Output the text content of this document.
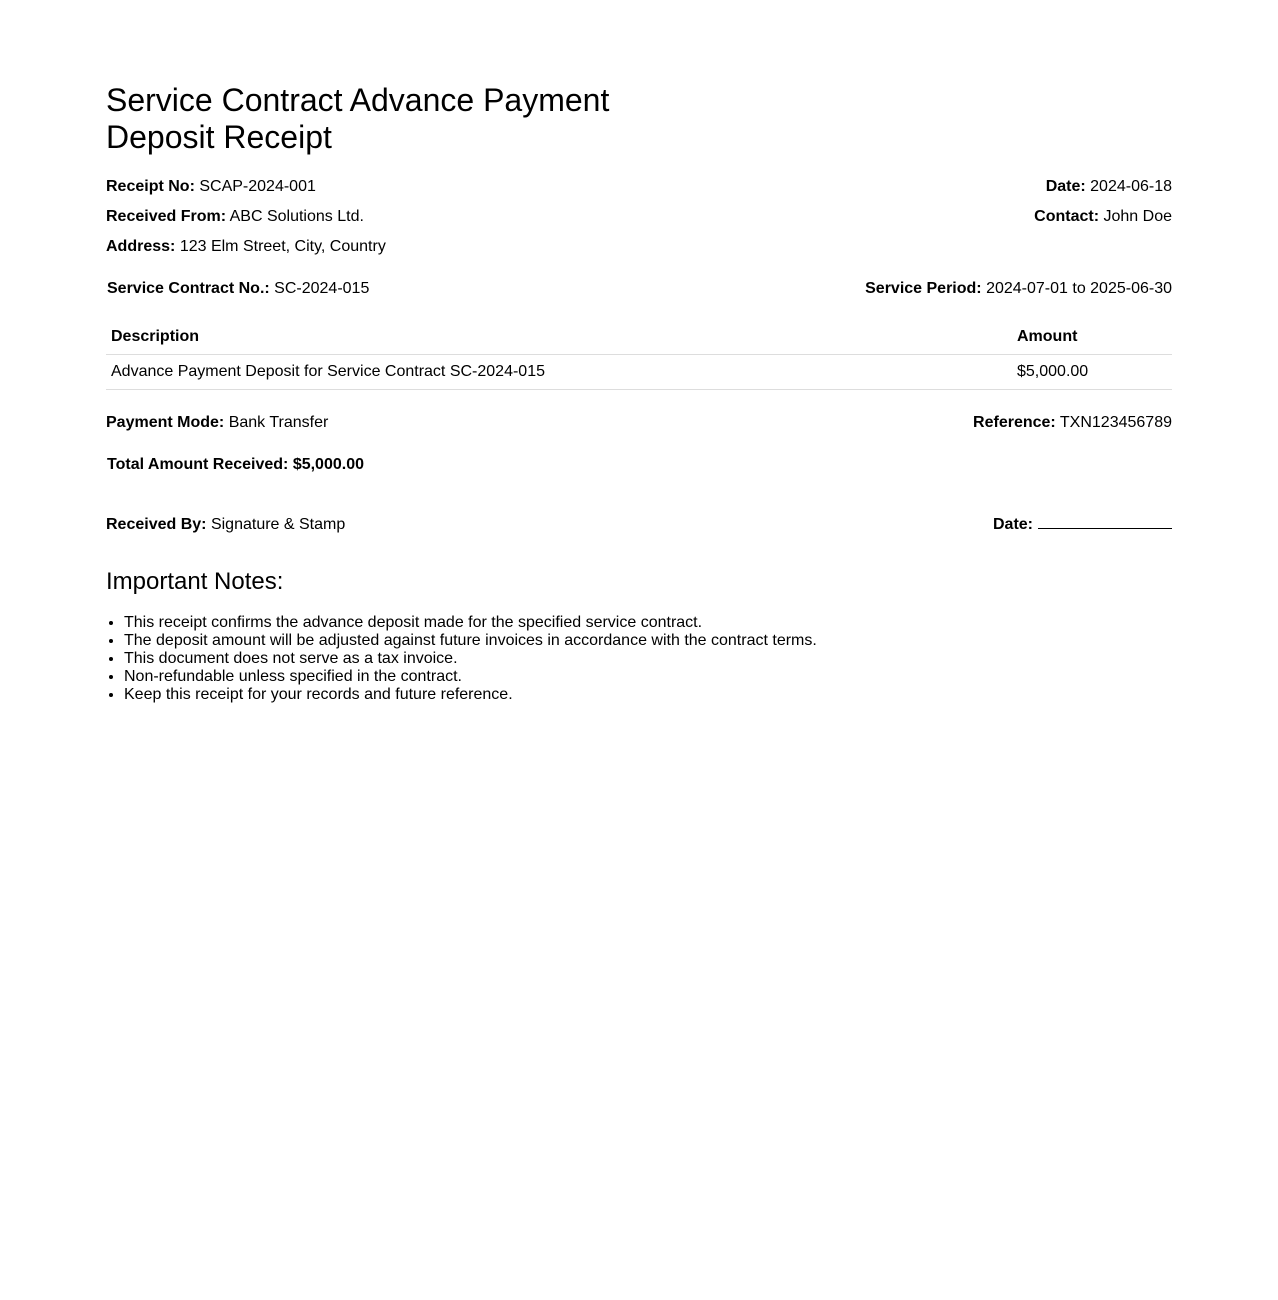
Service Contract Advance Payment Deposit Receipt
Receipt No: SCAP-2024-001	Date: 2024-06-18
Received From: ABC Solutions Ltd.	Contact: John Doe
Address: 123 Elm Street, City, Country
Service Contract No.: SC-2024-015	Service Period: 2024-07-01 to 2025-06-30
Description	Amount
Advance Payment Deposit for Service Contract SC-2024-015	$5,000.00
Payment Mode: Bank Transfer	Reference: TXN123456789
Total Amount Received: $5,000.00
Received By: Signature & Stamp	Date:
Important Notes:
• This receipt confirms the advance deposit made for the specified service contract.
• The deposit amount will be adjusted against future invoices in accordance with the contract terms.
• This document does not serve as a tax invoice.
• Non-refundable unless specified in the contract.
• Keep this receipt for your records and future reference.
